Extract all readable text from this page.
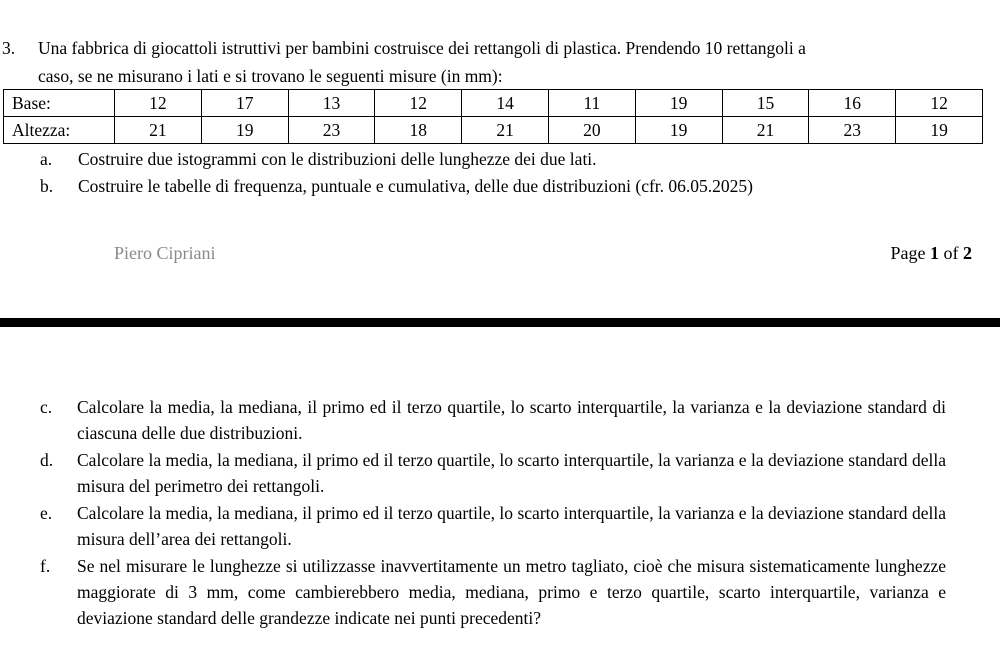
3. Una fabbrica di giocattoli istruttivi per bambini costruisce dei rettangoli di plastica. Prendendo 10 rettangoli a
caso, se ne misurano i lati e si trovano le seguenti misure (in mm):
Base:	12	17	13	12	14	11	19	15	16	12
Altezza:	21	19	23	18	21	20	19	21	23	19
a. Costruire due istogrammi con le distribuzioni delle lunghezze dei due lati.
b. Costruire le tabelle di frequenza, puntuale e cumulativa, delle due distribuzioni (cfr. 06.05.2025)
Piero Cipriani	Page 1 of 2
c. Calcolare la media, la mediana, il primo ed il terzo quartile, lo scarto interquartile, la varianza e la deviazione standard di ciascuna delle due distribuzioni.
d. Calcolare la media, la mediana, il primo ed il terzo quartile, lo scarto interquartile, la varianza e la deviazione standard della misura del perimetro dei rettangoli.
e. Calcolare la media, la mediana, il primo ed il terzo quartile, lo scarto interquartile, la varianza e la deviazione standard della misura dell’area dei rettangoli.
f. Se nel misurare le lunghezze si utilizzasse inavvertitamente un metro tagliato, cioè che misura sistematicamente lunghezze maggiorate di 3 mm, come cambierebbero media, mediana, primo e terzo quartile, scarto interquartile, varianza e deviazione standard delle grandezze indicate nei punti precedenti?
